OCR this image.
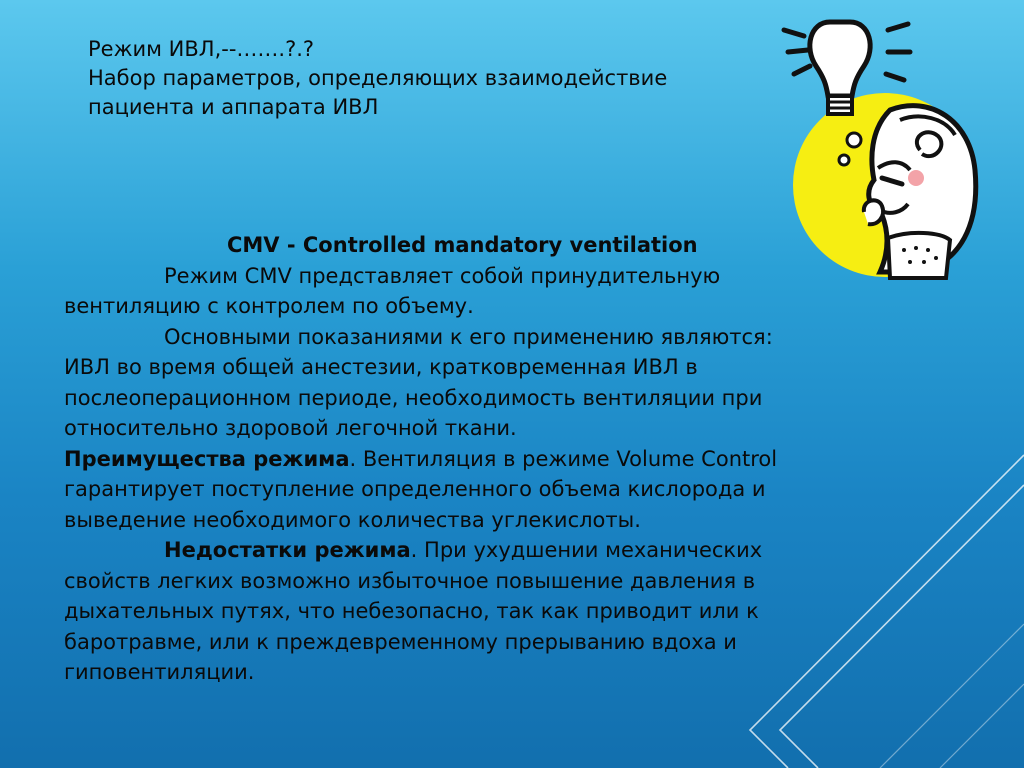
Режим ИВЛ,--…….?.?
Набор параметров, определяющих взаимодействие
пациента и аппарата ИВЛ
CMV - Controlled mandatory ventilation
Режим CMV представляет собой принудительную
вентиляцию с контролем по объему.
Основными показаниями к его применению являются:
ИВЛ во время общей анестезии, кратковременная ИВЛ в
послеоперационном периоде, необходимость вентиляции при
относительно здоровой легочной ткани.
Преимущества режима. Вентиляция в режиме Volume Control
гарантирует поступление определенного объема кислорода и
выведение необходимого количества углекислоты.
Недостатки режима. При ухудшении механических
свойств легких возможно избыточное повышение давления в
дыхательных путях, что небезопасно, так как приводит или к
баротравме, или к преждевременному прерыванию вдоха и
гиповентиляции.
